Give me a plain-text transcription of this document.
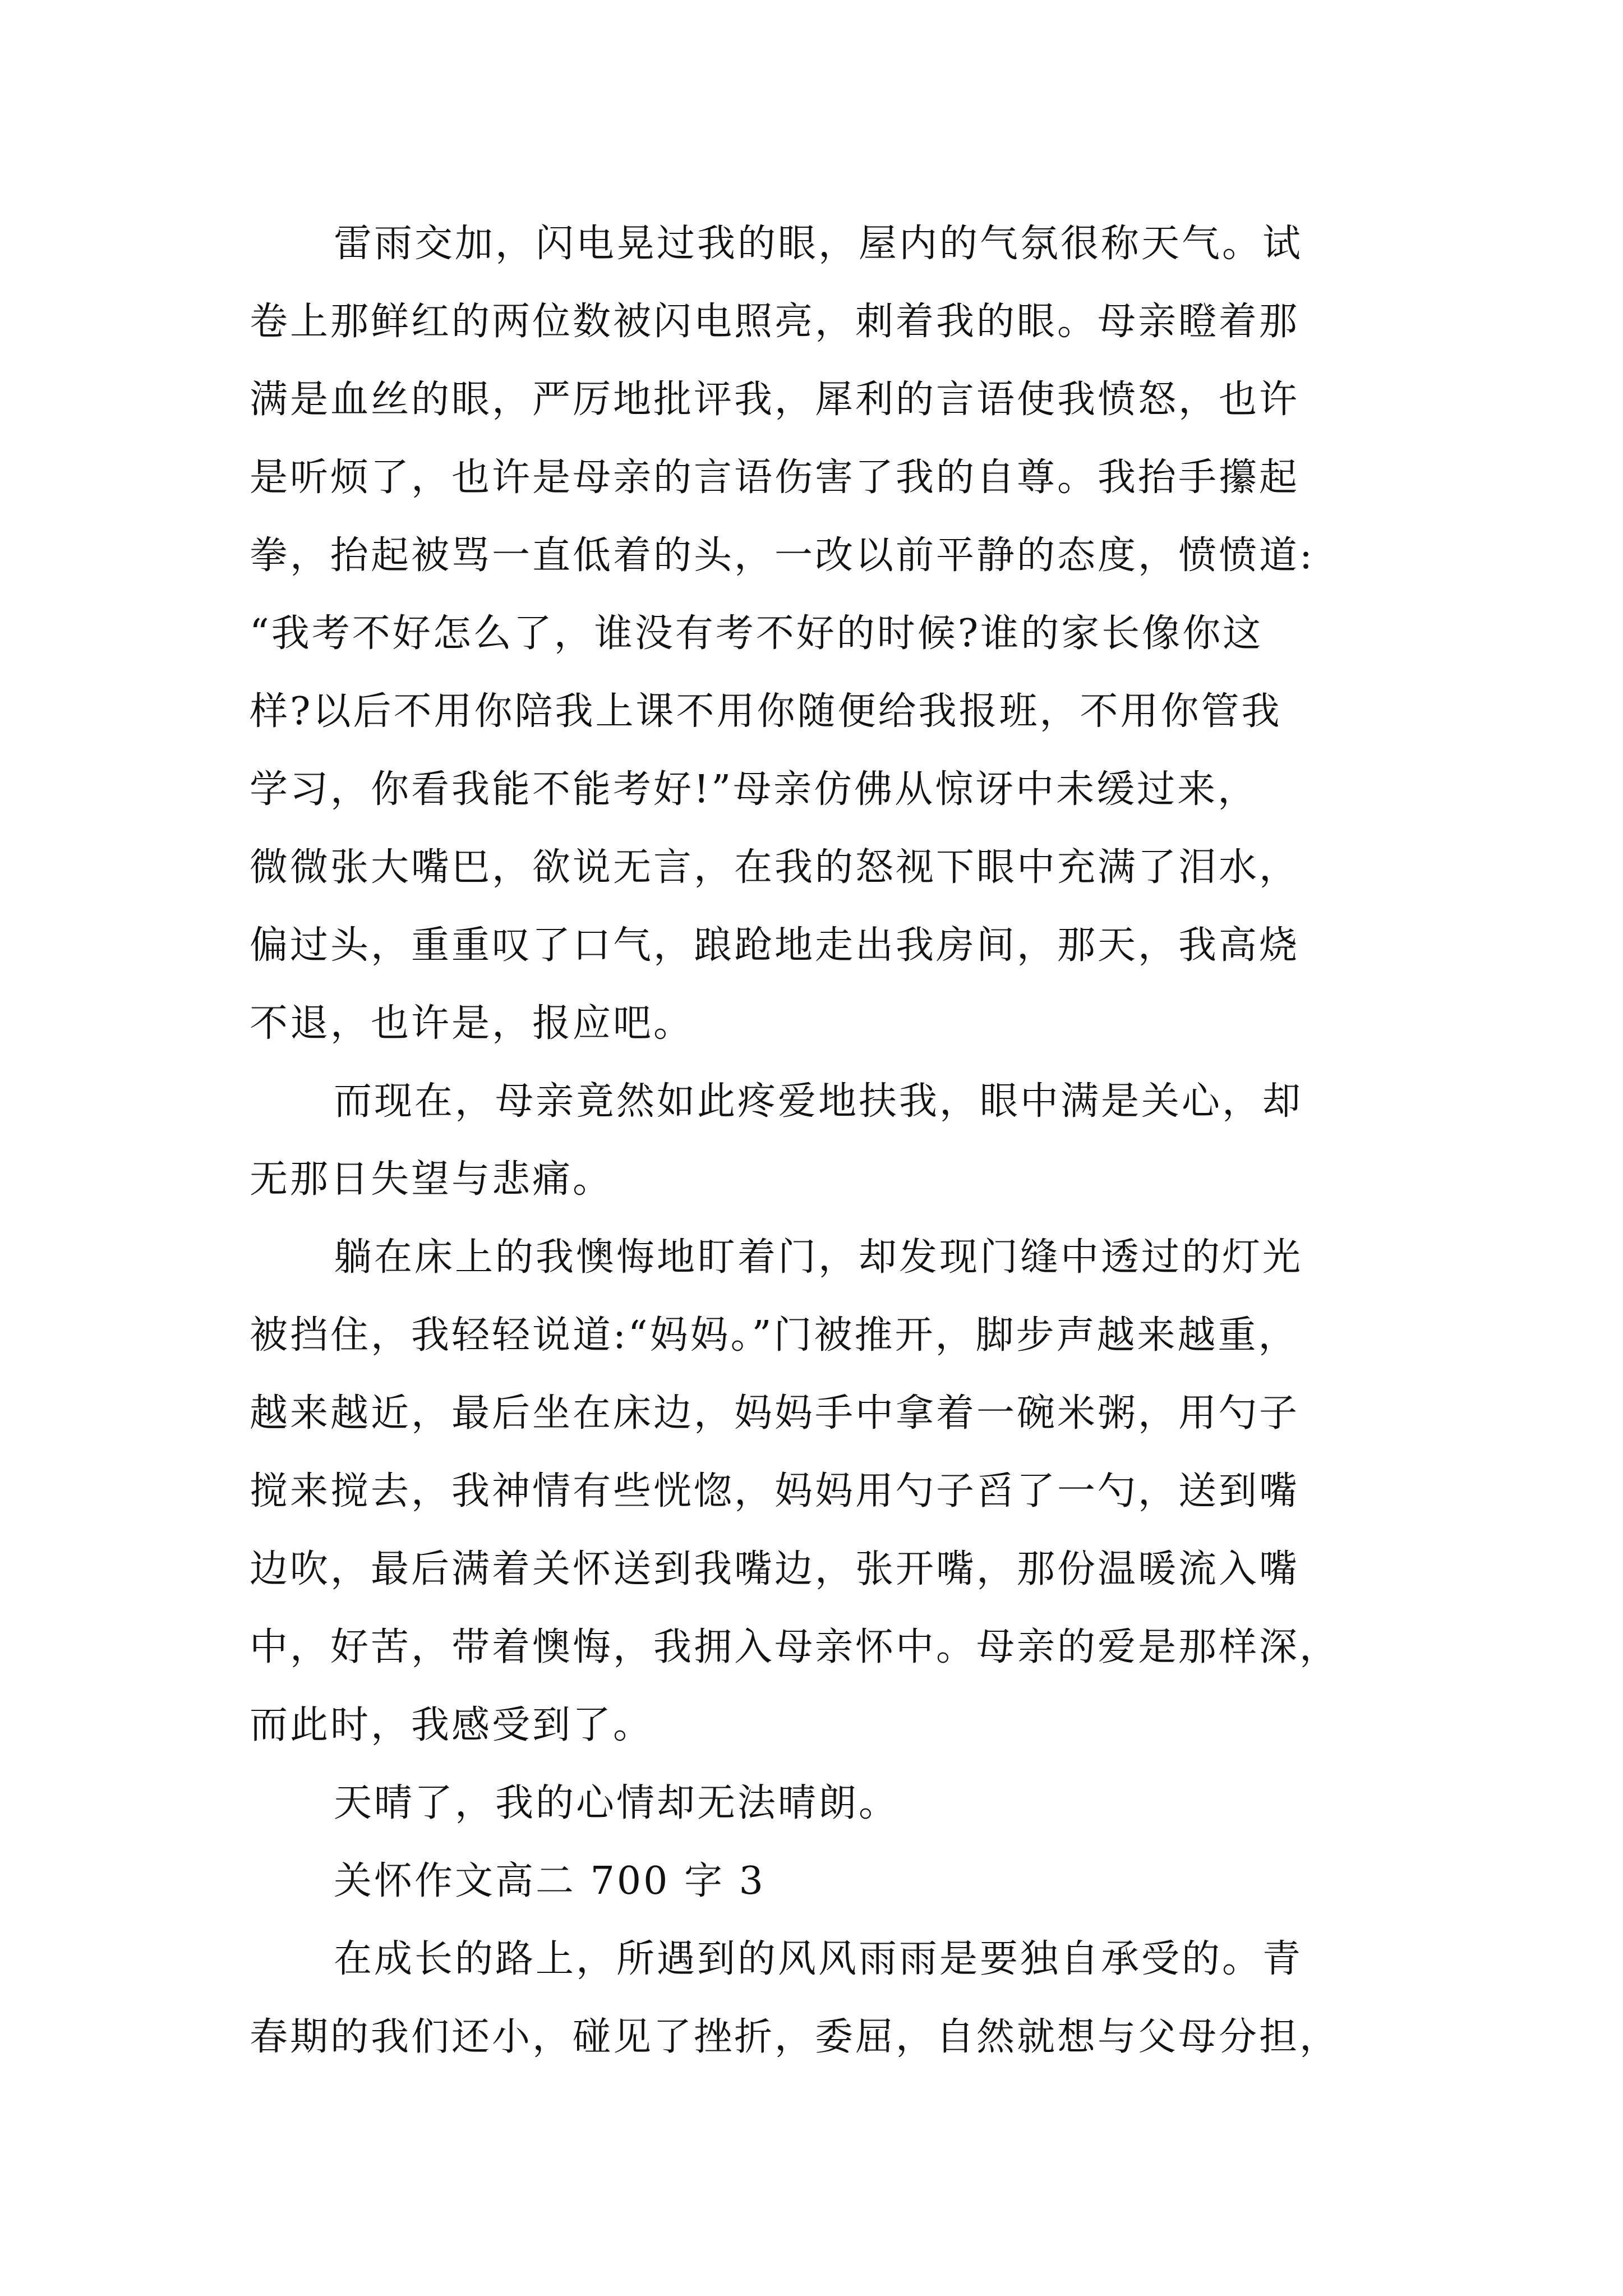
雷雨交加，闪电晃过我的眼，屋内的气氛很称天气。试
卷上那鲜红的两位数被闪电照亮，刺着我的眼。母亲瞪着那
满是血丝的眼，严厉地批评我，犀利的言语使我愤怒，也许
是听烦了，也许是母亲的言语伤害了我的自尊。我抬手攥起
拳，抬起被骂一直低着的头，一改以前平静的态度，愤愤道:
“我考不好怎么了，谁没有考不好的时候?谁的家长像你这
样?以后不用你陪我上课不用你随便给我报班，不用你管我
学习，你看我能不能考好!”母亲仿佛从惊讶中未缓过来，
微微张大嘴巴，欲说无言，在我的怒视下眼中充满了泪水，
偏过头，重重叹了口气，踉跄地走出我房间，那天，我高烧
不退，也许是，报应吧。
而现在，母亲竟然如此疼爱地扶我，眼中满是关心，却
无那日失望与悲痛。
躺在床上的我懊悔地盯着门，却发现门缝中透过的灯光
被挡住，我轻轻说道:“妈妈。”门被推开，脚步声越来越重，
越来越近，最后坐在床边，妈妈手中拿着一碗米粥，用勺子
搅来搅去，我神情有些恍惚，妈妈用勺子舀了一勺，送到嘴
边吹，最后满着关怀送到我嘴边，张开嘴，那份温暖流入嘴
中，好苦，带着懊悔，我拥入母亲怀中。母亲的爱是那样深，
而此时，我感受到了。
天晴了，我的心情却无法晴朗。
关怀作文高二 700 字 3
在成长的路上，所遇到的风风雨雨是要独自承受的。青
春期的我们还小，碰见了挫折，委屈，自然就想与父母分担，
